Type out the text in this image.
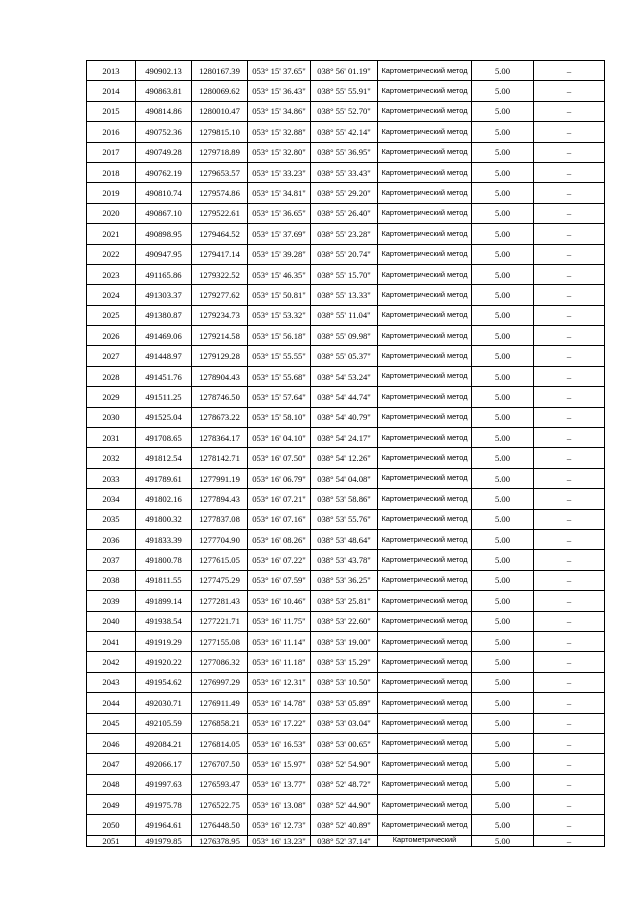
2013	490902.13	1280167.39	053° 15' 37.65"	038° 56' 01.19"	Картометрический метод	5.00	–
2014	490863.81	1280069.62	053° 15' 36.43"	038° 55' 55.91"	Картометрический метод	5.00	–
2015	490814.86	1280010.47	053° 15' 34.86"	038° 55' 52.70"	Картометрический метод	5.00	–
2016	490752.36	1279815.10	053° 15' 32.88"	038° 55' 42.14"	Картометрический метод	5.00	–
2017	490749.28	1279718.89	053° 15' 32.80"	038° 55' 36.95"	Картометрический метод	5.00	–
2018	490762.19	1279653.57	053° 15' 33.23"	038° 55' 33.43"	Картометрический метод	5.00	–
2019	490810.74	1279574.86	053° 15' 34.81"	038° 55' 29.20"	Картометрический метод	5.00	–
2020	490867.10	1279522.61	053° 15' 36.65"	038° 55' 26.40"	Картометрический метод	5.00	–
2021	490898.95	1279464.52	053° 15' 37.69"	038° 55' 23.28"	Картометрический метод	5.00	–
2022	490947.95	1279417.14	053° 15' 39.28"	038° 55' 20.74"	Картометрический метод	5.00	–
2023	491165.86	1279322.52	053° 15' 46.35"	038° 55' 15.70"	Картометрический метод	5.00	–
2024	491303.37	1279277.62	053° 15' 50.81"	038° 55' 13.33"	Картометрический метод	5.00	–
2025	491380.87	1279234.73	053° 15' 53.32"	038° 55' 11.04"	Картометрический метод	5.00	–
2026	491469.06	1279214.58	053° 15' 56.18"	038° 55' 09.98"	Картометрический метод	5.00	–
2027	491448.97	1279129.28	053° 15' 55.55"	038° 55' 05.37"	Картометрический метод	5.00	–
2028	491451.76	1278904.43	053° 15' 55.68"	038° 54' 53.24"	Картометрический метод	5.00	–
2029	491511.25	1278746.50	053° 15' 57.64"	038° 54' 44.74"	Картометрический метод	5.00	–
2030	491525.04	1278673.22	053° 15' 58.10"	038° 54' 40.79"	Картометрический метод	5.00	–
2031	491708.65	1278364.17	053° 16' 04.10"	038° 54' 24.17"	Картометрический метод	5.00	–
2032	491812.54	1278142.71	053° 16' 07.50"	038° 54' 12.26"	Картометрический метод	5.00	–
2033	491789.61	1277991.19	053° 16' 06.79"	038° 54' 04.08"	Картометрический метод	5.00	–
2034	491802.16	1277894.43	053° 16' 07.21"	038° 53' 58.86"	Картометрический метод	5.00	–
2035	491800.32	1277837.08	053° 16' 07.16"	038° 53' 55.76"	Картометрический метод	5.00	–
2036	491833.39	1277704.90	053° 16' 08.26"	038° 53' 48.64"	Картометрический метод	5.00	–
2037	491800.78	1277615.05	053° 16' 07.22"	038° 53' 43.78"	Картометрический метод	5.00	–
2038	491811.55	1277475.29	053° 16' 07.59"	038° 53' 36.25"	Картометрический метод	5.00	–
2039	491899.14	1277281.43	053° 16' 10.46"	038° 53' 25.81"	Картометрический метод	5.00	–
2040	491938.54	1277221.71	053° 16' 11.75"	038° 53' 22.60"	Картометрический метод	5.00	–
2041	491919.29	1277155.08	053° 16' 11.14"	038° 53' 19.00"	Картометрический метод	5.00	–
2042	491920.22	1277086.32	053° 16' 11.18"	038° 53' 15.29"	Картометрический метод	5.00	–
2043	491954.62	1276997.29	053° 16' 12.31"	038° 53' 10.50"	Картометрический метод	5.00	–
2044	492030.71	1276911.49	053° 16' 14.78"	038° 53' 05.89"	Картометрический метод	5.00	–
2045	492105.59	1276858.21	053° 16' 17.22"	038° 53' 03.04"	Картометрический метод	5.00	–
2046	492084.21	1276814.05	053° 16' 16.53"	038° 53' 00.65"	Картометрический метод	5.00	–
2047	492066.17	1276707.50	053° 16' 15.97"	038° 52' 54.90"	Картометрический метод	5.00	–
2048	491997.63	1276593.47	053° 16' 13.77"	038° 52' 48.72"	Картометрический метод	5.00	–
2049	491975.78	1276522.75	053° 16' 13.08"	038° 52' 44.90"	Картометрический метод	5.00	–
2050	491964.61	1276448.50	053° 16' 12.73"	038° 52' 40.89"	Картометрический метод	5.00	–
2051	491979.85	1276378.95	053° 16' 13.23"	038° 52' 37.14"	Картометрический	5.00	–
